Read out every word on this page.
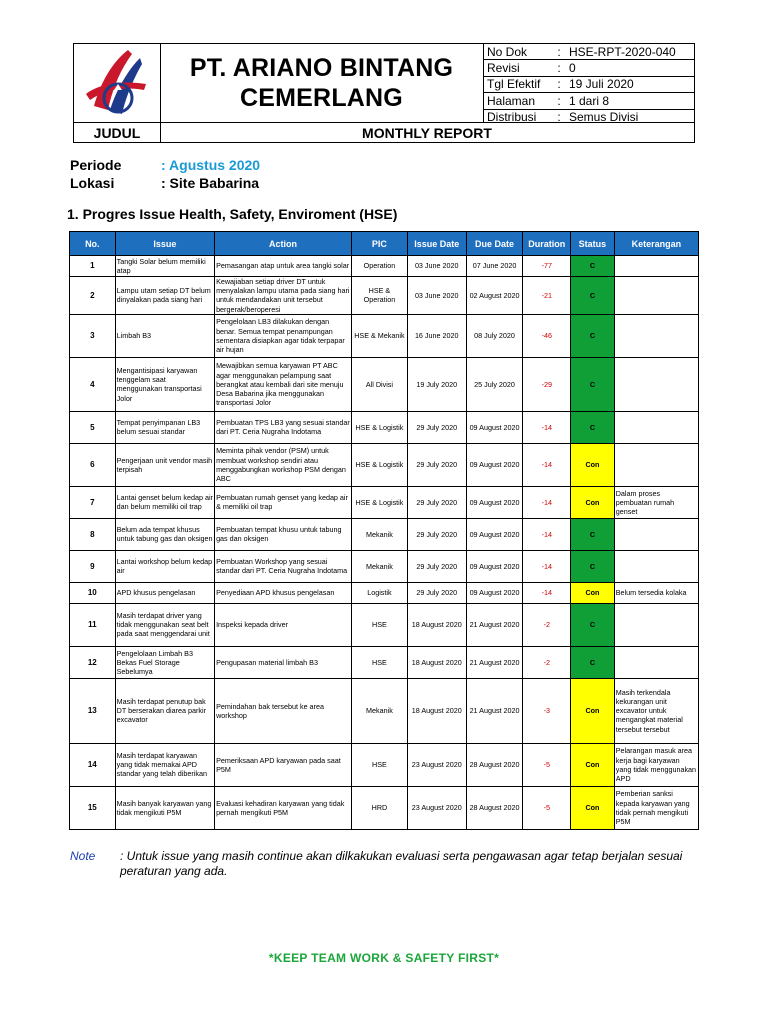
PT. ARIANO BINTANG
CEMERLANG
No Dok	:	HSE-RPT-2020-040
Revisi	:	0
Tgl Efektif	:	19 Juli 2020
Halaman	:	1 dari 8
Distribusi	:	Semus Divisi
JUDUL	MONTHLY REPORT
Periode	: Agustus 2020
Lokasi	: Site Babarina
1. Progres Issue Health, Safety, Enviroment (HSE)
No.	Issue	Action	PIC	Issue Date	Due Date	Duration	Status	Keterangan
1	Tangki Solar belum memiliki atap	Pemasangan atap untuk area tangki solar	Operation	03 June 2020	07 June 2020	-77	C	
2	Lampu utam setiap DT belum dinyalakan pada siang hari	Kewajiaban setiap driver DT untuk menyalakan lampu utama pada siang hari untuk mendandakan unit tersebut bergerak/beroperesi	HSE & Operation	03 June 2020	02 August 2020	-21	C	
3	Limbah B3	Pengelolaan LB3 dilakukan dengan benar. Semua tempat penampungan sementara disiapkan agar tidak terpapar air hujan	HSE & Mekanik	16 June 2020	08 July 2020	-46	C	
4	Mengantisipasi karyawan tenggelam saat menggunakan transportasi Jolor	Mewajibkan semua karyawan PT ABC agar menggunakan pelampung saat berangkat atau kembali dari site menuju Desa Babarina jika menggunakan transportasi Jolor	All Divisi	19 July 2020	25 July 2020	-29	C	
5	Tempat penyimpanan LB3 belum sesuai standar	Pembuatan TPS LB3 yang sesuai standar dari PT. Ceria Nugraha Indotama	HSE & Logistik	29 July 2020	09 August 2020	-14	C	
6	Pengerjaan unit vendor masih terpisah	Meminta pihak vendor (PSM) untuk membuat workshop sendiri atau menggabungkan workshop PSM dengan ABC	HSE & Logistik	29 July 2020	09 August 2020	-14	Con	
7	Lantai genset belum kedap air dan belum memiliki oil trap	Pembuatan rumah genset yang kedap air & memiliki oil trap	HSE & Logistik	29 July 2020	09 August 2020	-14	Con	Dalam proses pembuatan rumah genset
8	Belum ada tempat khusus untuk tabung gas dan oksigen	Pembuatan tempat khusu untuk tabung gas dan oksigen	Mekanik	29 July 2020	09 August 2020	-14	C	
9	Lantai workshop belum kedap air	Pembuatan Workshop yang sesuai standar dari PT. Ceria Nugraha Indotama	Mekanik	29 July 2020	09 August 2020	-14	C	
10	APD khusus pengelasan	Penyediaan APD khusus pengelasan	Logistik	29 July 2020	09 August 2020	-14	Con	Belum tersedia kolaka
11	Masih terdapat driver yang tidak menggunakan seat belt pada saat menggendarai unit	Inspeksi kepada driver	HSE	18 August 2020	21 August 2020	-2	C	
12	Pengelolaan Limbah B3 Bekas Fuel Storage Sebelumya	Pengupasan material limbah B3	HSE	18 August 2020	21 August 2020	-2	C	
13	Masih terdapat penutup bak DT berserakan diarea parkir excavator	Pemindahan bak tersebut ke area workshop	Mekanik	18 August 2020	21 August 2020	-3	Con	Masih terkendala kekurangan unit excavator untuk mengangkat material tersebut tersebut
14	Masih terdapat karyawan yang tidak memakai APD standar yang telah diberikan	Pemeriksaan APD karyawan pada saat P5M	HSE	23 August 2020	28 August 2020	-5	Con	Pelarangan masuk area kerja bagi karyawan yang tidak menggunakan APD
15	Masih banyak karyawan yang tidak mengikuti P5M	Evaluasi kehadiran karyawan yang tidak pernah mengikuti P5M	HRD	23 August 2020	28 August 2020	-5	Con	Pemberian sanksi kepada karyawan yang tidak pernah mengikuti P5M
Note : Untuk issue yang masih continue akan dilkakukan evaluasi serta pengawasan agar tetap berjalan sesuai peraturan yang ada.
*KEEP TEAM WORK & SAFETY FIRST*
